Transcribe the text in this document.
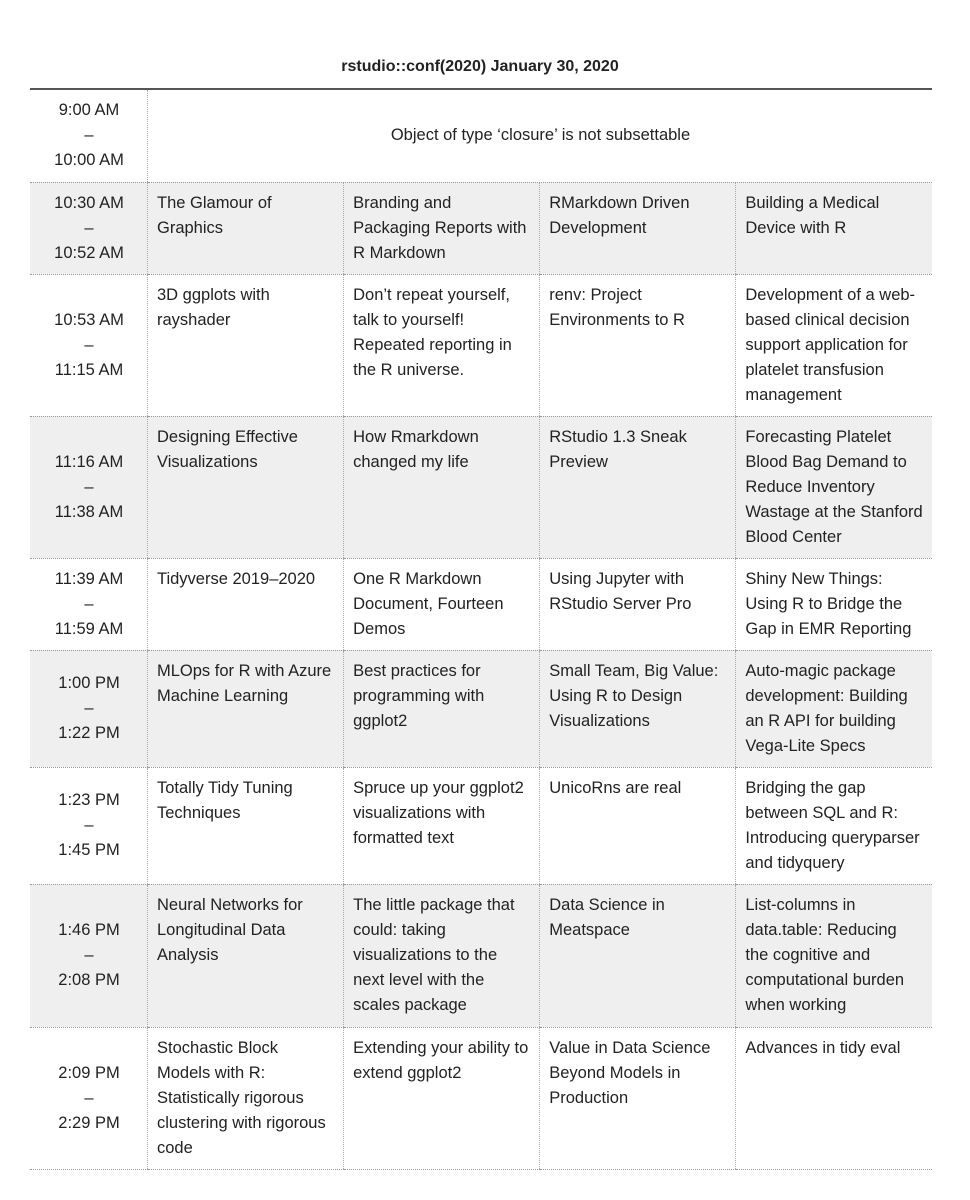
rstudio::conf(2020) January 30, 2020
9:00 AM
–
10:00 AM	Object of type ‘closure’ is not subsettable			

10:30 AM
–
10:52 AM	The Glamour of Graphics	Branding and Packaging Reports with R Markdown	RMarkdown Driven Development	Building a Medical Device with R

10:53 AM
–
11:15 AM	3D ggplots with rayshader	Don’t repeat yourself, talk to yourself! Repeated reporting in the R universe.	renv: Project Environments to R	Development of a web-based clinical decision support application for platelet transfusion management

11:16 AM
–
11:38 AM	Designing Effective Visualizations	How Rmarkdown changed my life	RStudio 1.3 Sneak Preview	Forecasting Platelet Blood Bag Demand to Reduce Inventory Wastage at the Stanford Blood Center

11:39 AM
–
11:59 AM	Tidyverse 2019–2020	One R Markdown Document, Fourteen Demos	Using Jupyter with RStudio Server Pro	Shiny New Things: Using R to Bridge the Gap in EMR Reporting

1:00 PM
–
1:22 PM	MLOps for R with Azure Machine Learning	Best practices for programming with ggplot2	Small Team, Big Value: Using R to Design Visualizations	Auto-magic package development: Building an R API for building Vega-Lite Specs

1:23 PM
–
1:45 PM	Totally Tidy Tuning Techniques	Spruce up your ggplot2 visualizations with formatted text	UnicoRns are real	Bridging the gap between SQL and R: Introducing queryparser and tidyquery

1:46 PM
–
2:08 PM	Neural Networks for Longitudinal Data Analysis	The little package that could: taking visualizations to the next level with the scales package	Data Science in Meatspace	List-columns in data.table: Reducing the cognitive and computational burden when working

2:09 PM
–
2:29 PM	Stochastic Block Models with R: Statistically rigorous clustering with rigorous code	Extending your ability to extend ggplot2	Value in Data Science Beyond Models in Production	Advances in tidy eval
